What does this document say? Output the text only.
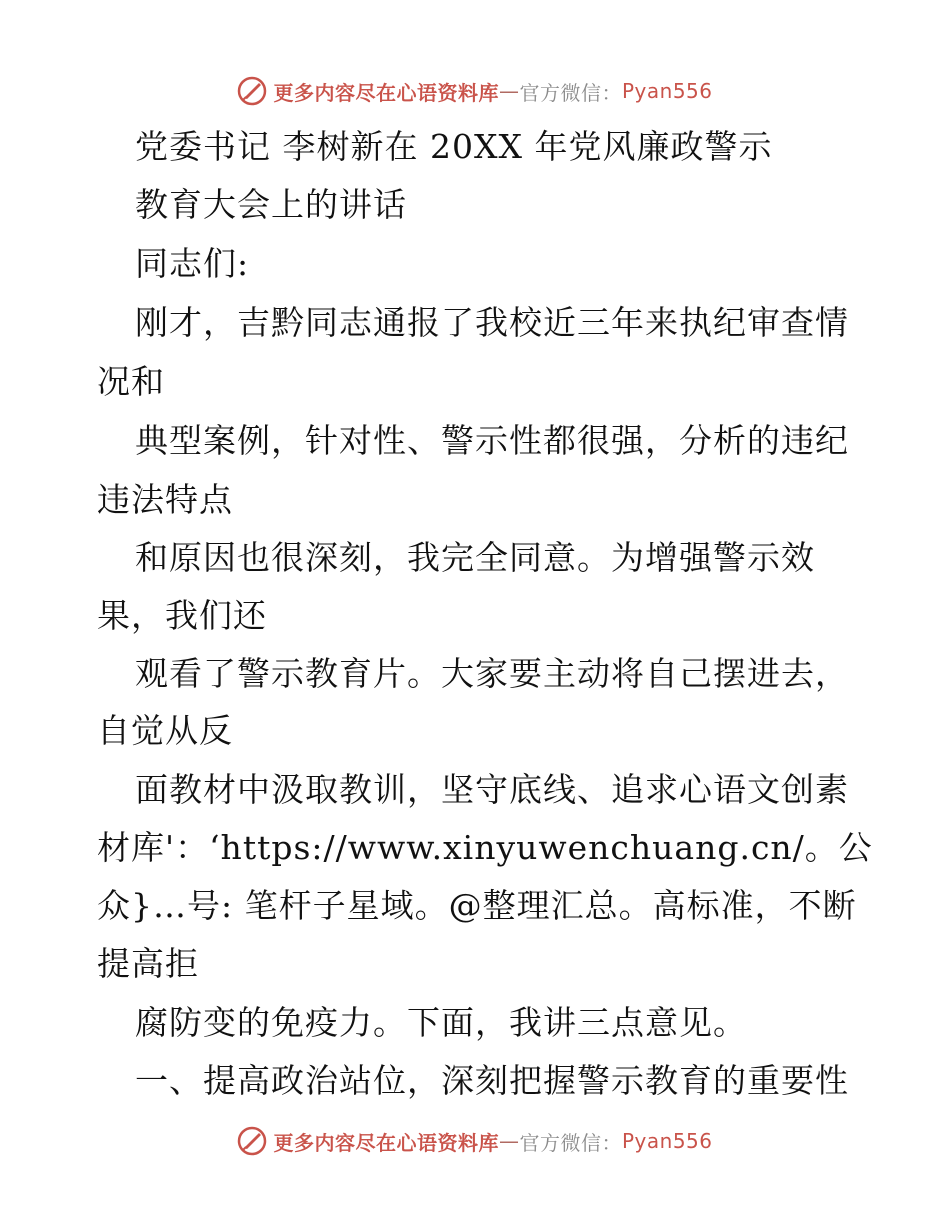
更多内容尽在心语资料库 — 官方微信： Pyan556
党委书记 李树新在 20XX 年党风廉政警示
教育大会上的讲话
同志们:
刚才，吉黔同志通报了我校近三年来执纪审查情
况和
典型案例，针对性、警示性都很强，分析的违纪
违法特点
和原因也很深刻，我完全同意。为增强警示效
果，我们还
观看了警示教育片。大家要主动将自己摆进去，
自觉从反
面教材中汲取教训，坚守底线、追求心语文创素
材库'：‘https://www.xinyuwenchuang.cn/。公
众}…号: 笔杆子星域。@整理汇总。高标准，不断
提高拒
腐防变的免疫力。下面，我讲三点意见。
一、提高政治站位，深刻把握警示教育的重要性
更多内容尽在心语资料库 — 官方微信： Pyan556
